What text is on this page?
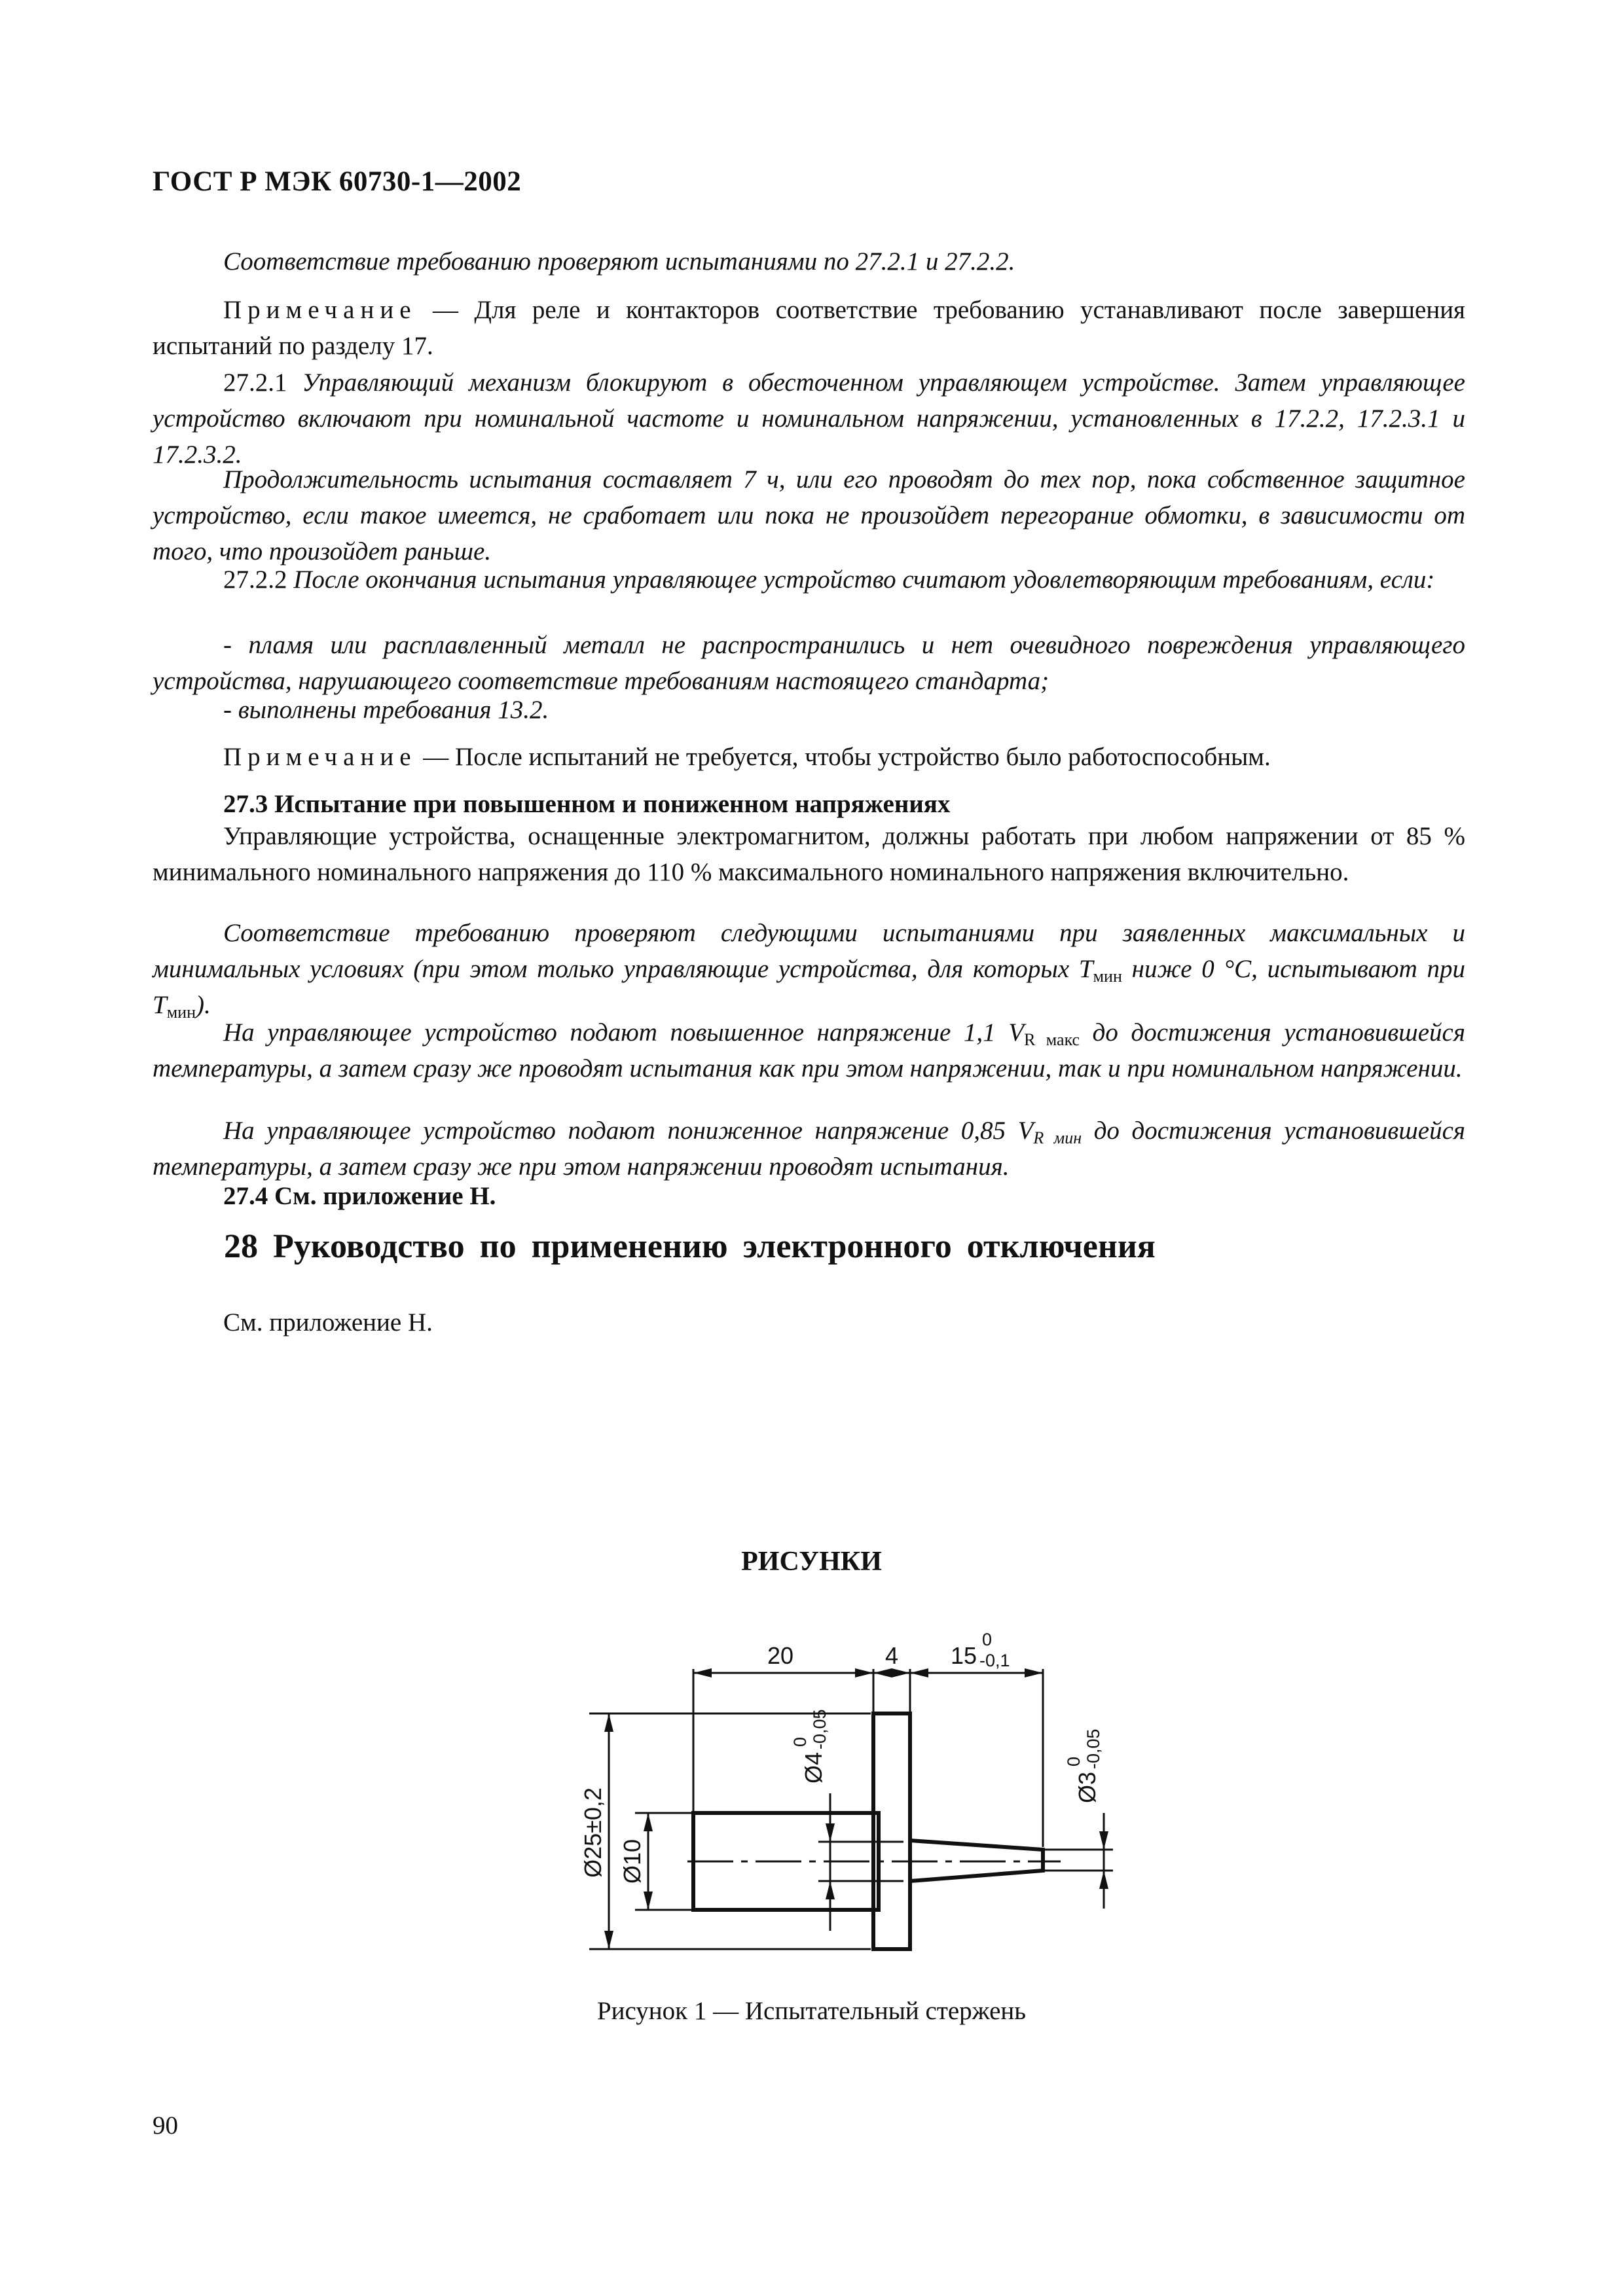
ГОСТ Р МЭК 60730-1—2002
Соответствие требованию проверяют испытаниями по 27.2.1 и 27.2.2.
Примечание — Для реле и контакторов соответствие требованию устанавливают после завершения испытаний по разделу 17.
27.2.1 Управляющий механизм блокируют в обесточенном управляющем устройстве. Затем управляющее устройство включают при номинальной частоте и номинальном напряжении, установленных в 17.2.2, 17.2.3.1 и 17.2.3.2.
Продолжительность испытания составляет 7 ч, или его проводят до тех пор, пока собственное защитное устройство, если такое имеется, не сработает или пока не произойдет перегорание обмотки, в зависимости от того, что произойдет раньше.
27.2.2 После окончания испытания управляющее устройство считают удовлетворяющим требованиям, если:
- пламя или расплавленный металл не распространились и нет очевидного повреждения управляющего устройства, нарушающего соответствие требованиям настоящего стандарта;
- выполнены требования 13.2.
Примечание — После испытаний не требуется, чтобы устройство было работоспособным.
27.3 Испытание при повышенном и пониженном напряжениях
Управляющие устройства, оснащенные электромагнитом, должны работать при любом напряжении от 85 % минимального номинального напряжения до 110 % максимального номинального напряжения включительно.
Соответствие требованию проверяют следующими испытаниями при заявленных максимальных и минимальных условиях (при этом только управляющие устройства, для которых $T_{мин}$ ниже 0 °С, испытывают при $T_{мин}$).
На управляющее устройство подают повышенное напряжение 1,1 $V_{R макс}$ до достижения установившейся температуры, а затем сразу же проводят испытания как при этом напряжении, так и при номинальном напряжении.
На управляющее устройство подают пониженное напряжение 0,85 $V_{R мин}$ до достижения установившейся температуры, а затем сразу же при этом напряжении проводят испытания.
27.4 См. приложение Н.
28 Руководство по применению электронного отключения
См. приложение Н.
РИСУНКИ
20	4 15
0
-0,1
Ø25±0,2 Ø10
Ø4
0 -0,05
Ø3
0 -0,05
Рисунок 1 — Испытательный стержень
90
